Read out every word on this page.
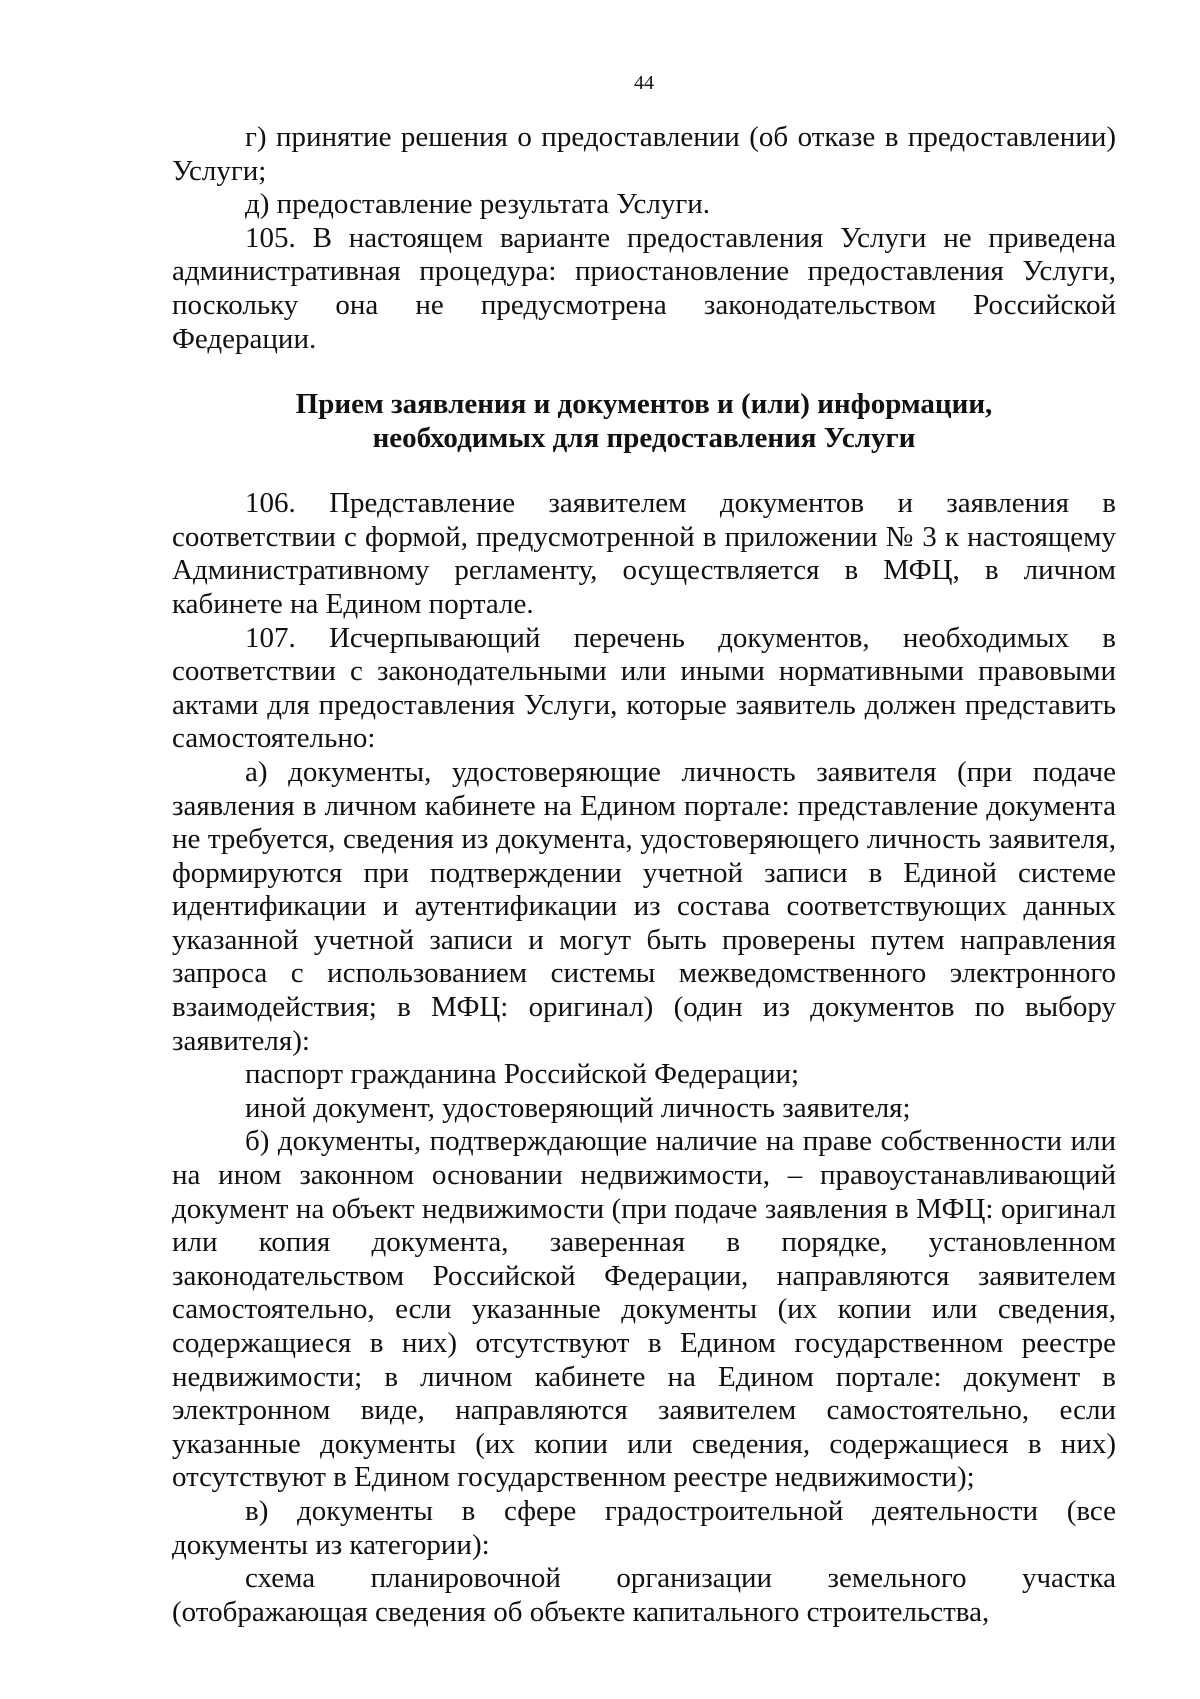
44

г) принятие решения о предоставлении (об отказе в предоставлении) Услуги;

д) предоставление результата Услуги.

105. В настоящем варианте предоставления Услуги не приведена административная процедура: приостановление предоставления Услуги, поскольку она не предусмотрена законодательством Российской Федерации.

Прием заявления и документов и (или) информации,
необходимых для предоставления Услуги

106. Представление заявителем документов и заявления в соответствии с формой, предусмотренной в приложении № 3 к настоящему Административному регламенту, осуществляется в МФЦ, в личном кабинете на Едином портале.

107. Исчерпывающий перечень документов, необходимых в соответствии с законодательными или иными нормативными правовыми актами для предоставления Услуги, которые заявитель должен представить самостоятельно:

а) документы, удостоверяющие личность заявителя (при подаче заявления в личном кабинете на Едином портале: представление документа не требуется, сведения из документа, удостоверяющего личность заявителя, формируются при подтверждении учетной записи в Единой системе идентификации и аутентификации из состава соответствующих данных указанной учетной записи и могут быть проверены путем направления запроса с использованием системы межведомственного электронного взаимодействия; в МФЦ: оригинал) (один из документов по выбору заявителя):

паспорт гражданина Российской Федерации;

иной документ, удостоверяющий личность заявителя;

б) документы, подтверждающие наличие на праве собственности или на ином законном основании недвижимости, – правоустанавливающий документ на объект недвижимости (при подаче заявления в МФЦ: оригинал или копия документа, заверенная в порядке, установленном законодательством Российской Федерации, направляются заявителем самостоятельно, если указанные документы (их копии или сведения, содержащиеся в них) отсутствуют в Едином государственном реестре недвижимости; в личном кабинете на Едином портале: документ в электронном виде, направляются заявителем самостоятельно, если указанные документы (их копии или сведения, содержащиеся в них) отсутствуют в Едином государственном реестре недвижимости);

в) документы в сфере градостроительной деятельности (все документы из категории):

схема планировочной организации земельного участка (отображающая сведения об объекте капитального строительства,
